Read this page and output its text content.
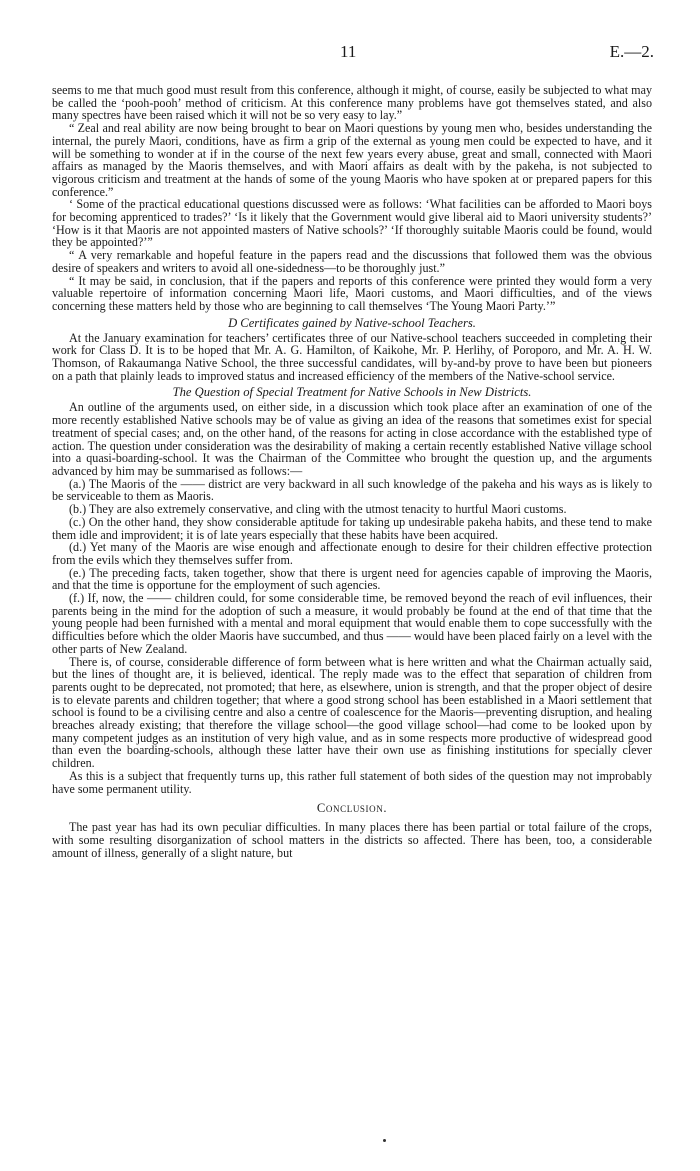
11	E.—2.

seems to me that much good must result from this conference, although it might, of course, easily be subjected to what may be called the ‘pooh-pooh’ method of criticism. At this conference many problems have got themselves stated, and also many spectres have been raised which it will not be so very easy to lay.”

“ Zeal and real ability are now being brought to bear on Maori questions by young men who, besides understanding the internal, the purely Maori, conditions, have as firm a grip of the external as young men could be expected to have, and it will be something to wonder at if in the course of the next few years every abuse, great and small, connected with Maori affairs as managed by the Maoris themselves, and with Maori affairs as dealt with by the pakeha, is not subjected to vigorous criticism and treatment at the hands of some of the young Maoris who have spoken at or prepared papers for this conference.”

‘ Some of the practical educational questions discussed were as follows: ‘What facilities can be afforded to Maori boys for becoming apprenticed to trades?’ ‘Is it likely that the Government would give liberal aid to Maori university students?’ ‘How is it that Maoris are not appointed masters of Native schools?’ ‘If thoroughly suitable Maoris could be found, would they be appointed?’”

“ A very remarkable and hopeful feature in the papers read and the discussions that followed them was the obvious desire of speakers and writers to avoid all one-sidedness—to be thoroughly just.”

“ It may be said, in conclusion, that if the papers and reports of this conference were printed they would form a very valuable repertoire of information concerning Maori life, Maori customs, and Maori difficulties, and of the views concerning these matters held by those who are beginning to call themselves ‘The Young Maori Party.’”

D Certificates gained by Native-school Teachers.

At the January examination for teachers’ certificates three of our Native-school teachers succeeded in completing their work for Class D. It is to be hoped that Mr. A. G. Hamilton, of Kaikohe, Mr. P. Herlihy, of Poroporo, and Mr. A. H. W. Thomson, of Rakaumanga Native School, the three successful candidates, will by-and-by prove to have been but pioneers on a path that plainly leads to improved status and increased efficiency of the members of the Native-school service.

The Question of Special Treatment for Native Schools in New Districts.

An outline of the arguments used, on either side, in a discussion which took place after an examination of one of the more recently established Native schools may be of value as giving an idea of the reasons that sometimes exist for special treatment of special cases; and, on the other hand, of the reasons for acting in close accordance with the established type of action. The question under consideration was the desirability of making a certain recently established Native village school into a quasi-boarding-school. It was the Chairman of the Committee who brought the question up, and the arguments advanced by him may be summarised as follows:—

(a.) The Maoris of the —— district are very backward in all such knowledge of the pakeha and his ways as is likely to be serviceable to them as Maoris.

(b.) They are also extremely conservative, and cling with the utmost tenacity to hurtful Maori customs.

(c.) On the other hand, they show considerable aptitude for taking up undesirable pakeha habits, and these tend to make them idle and improvident; it is of late years especially that these habits have been acquired.

(d.) Yet many of the Maoris are wise enough and affectionate enough to desire for their children effective protection from the evils which they themselves suffer from.

(e.) The preceding facts, taken together, show that there is urgent need for agencies capable of improving the Maoris, and that the time is opportune for the employment of such agencies.

(f.) If, now, the —— children could, for some considerable time, be removed beyond the reach of evil influences, their parents being in the mind for the adoption of such a measure, it would probably be found at the end of that time that the young people had been furnished with a mental and moral equipment that would enable them to cope successfully with the difficulties before which the older Maoris have succumbed, and thus —— would have been placed fairly on a level with the other parts of New Zealand.

There is, of course, considerable difference of form between what is here written and what the Chairman actually said, but the lines of thought are, it is believed, identical. The reply made was to the effect that separation of children from parents ought to be deprecated, not promoted; that here, as elsewhere, union is strength, and that the proper object of desire is to elevate parents and children together; that where a good strong school has been established in a Maori settlement that school is found to be a civilising centre and also a centre of coalescence for the Maoris—preventing disruption, and healing breaches already existing; that therefore the village school—the good village school—had come to be looked upon by many competent judges as an institution of very high value, and as in some respects more productive of widespread good than even the boarding-schools, although these latter have their own use as finishing institutions for specially clever children.

As this is a subject that frequently turns up, this rather full statement of both sides of the question may not improbably have some permanent utility.

Conclusion.

The past year has had its own peculiar difficulties. In many places there has been partial or total failure of the crops, with some resulting disorganization of school matters in the districts so affected. There has been, too, a considerable amount of illness, generally of a slight nature, but
